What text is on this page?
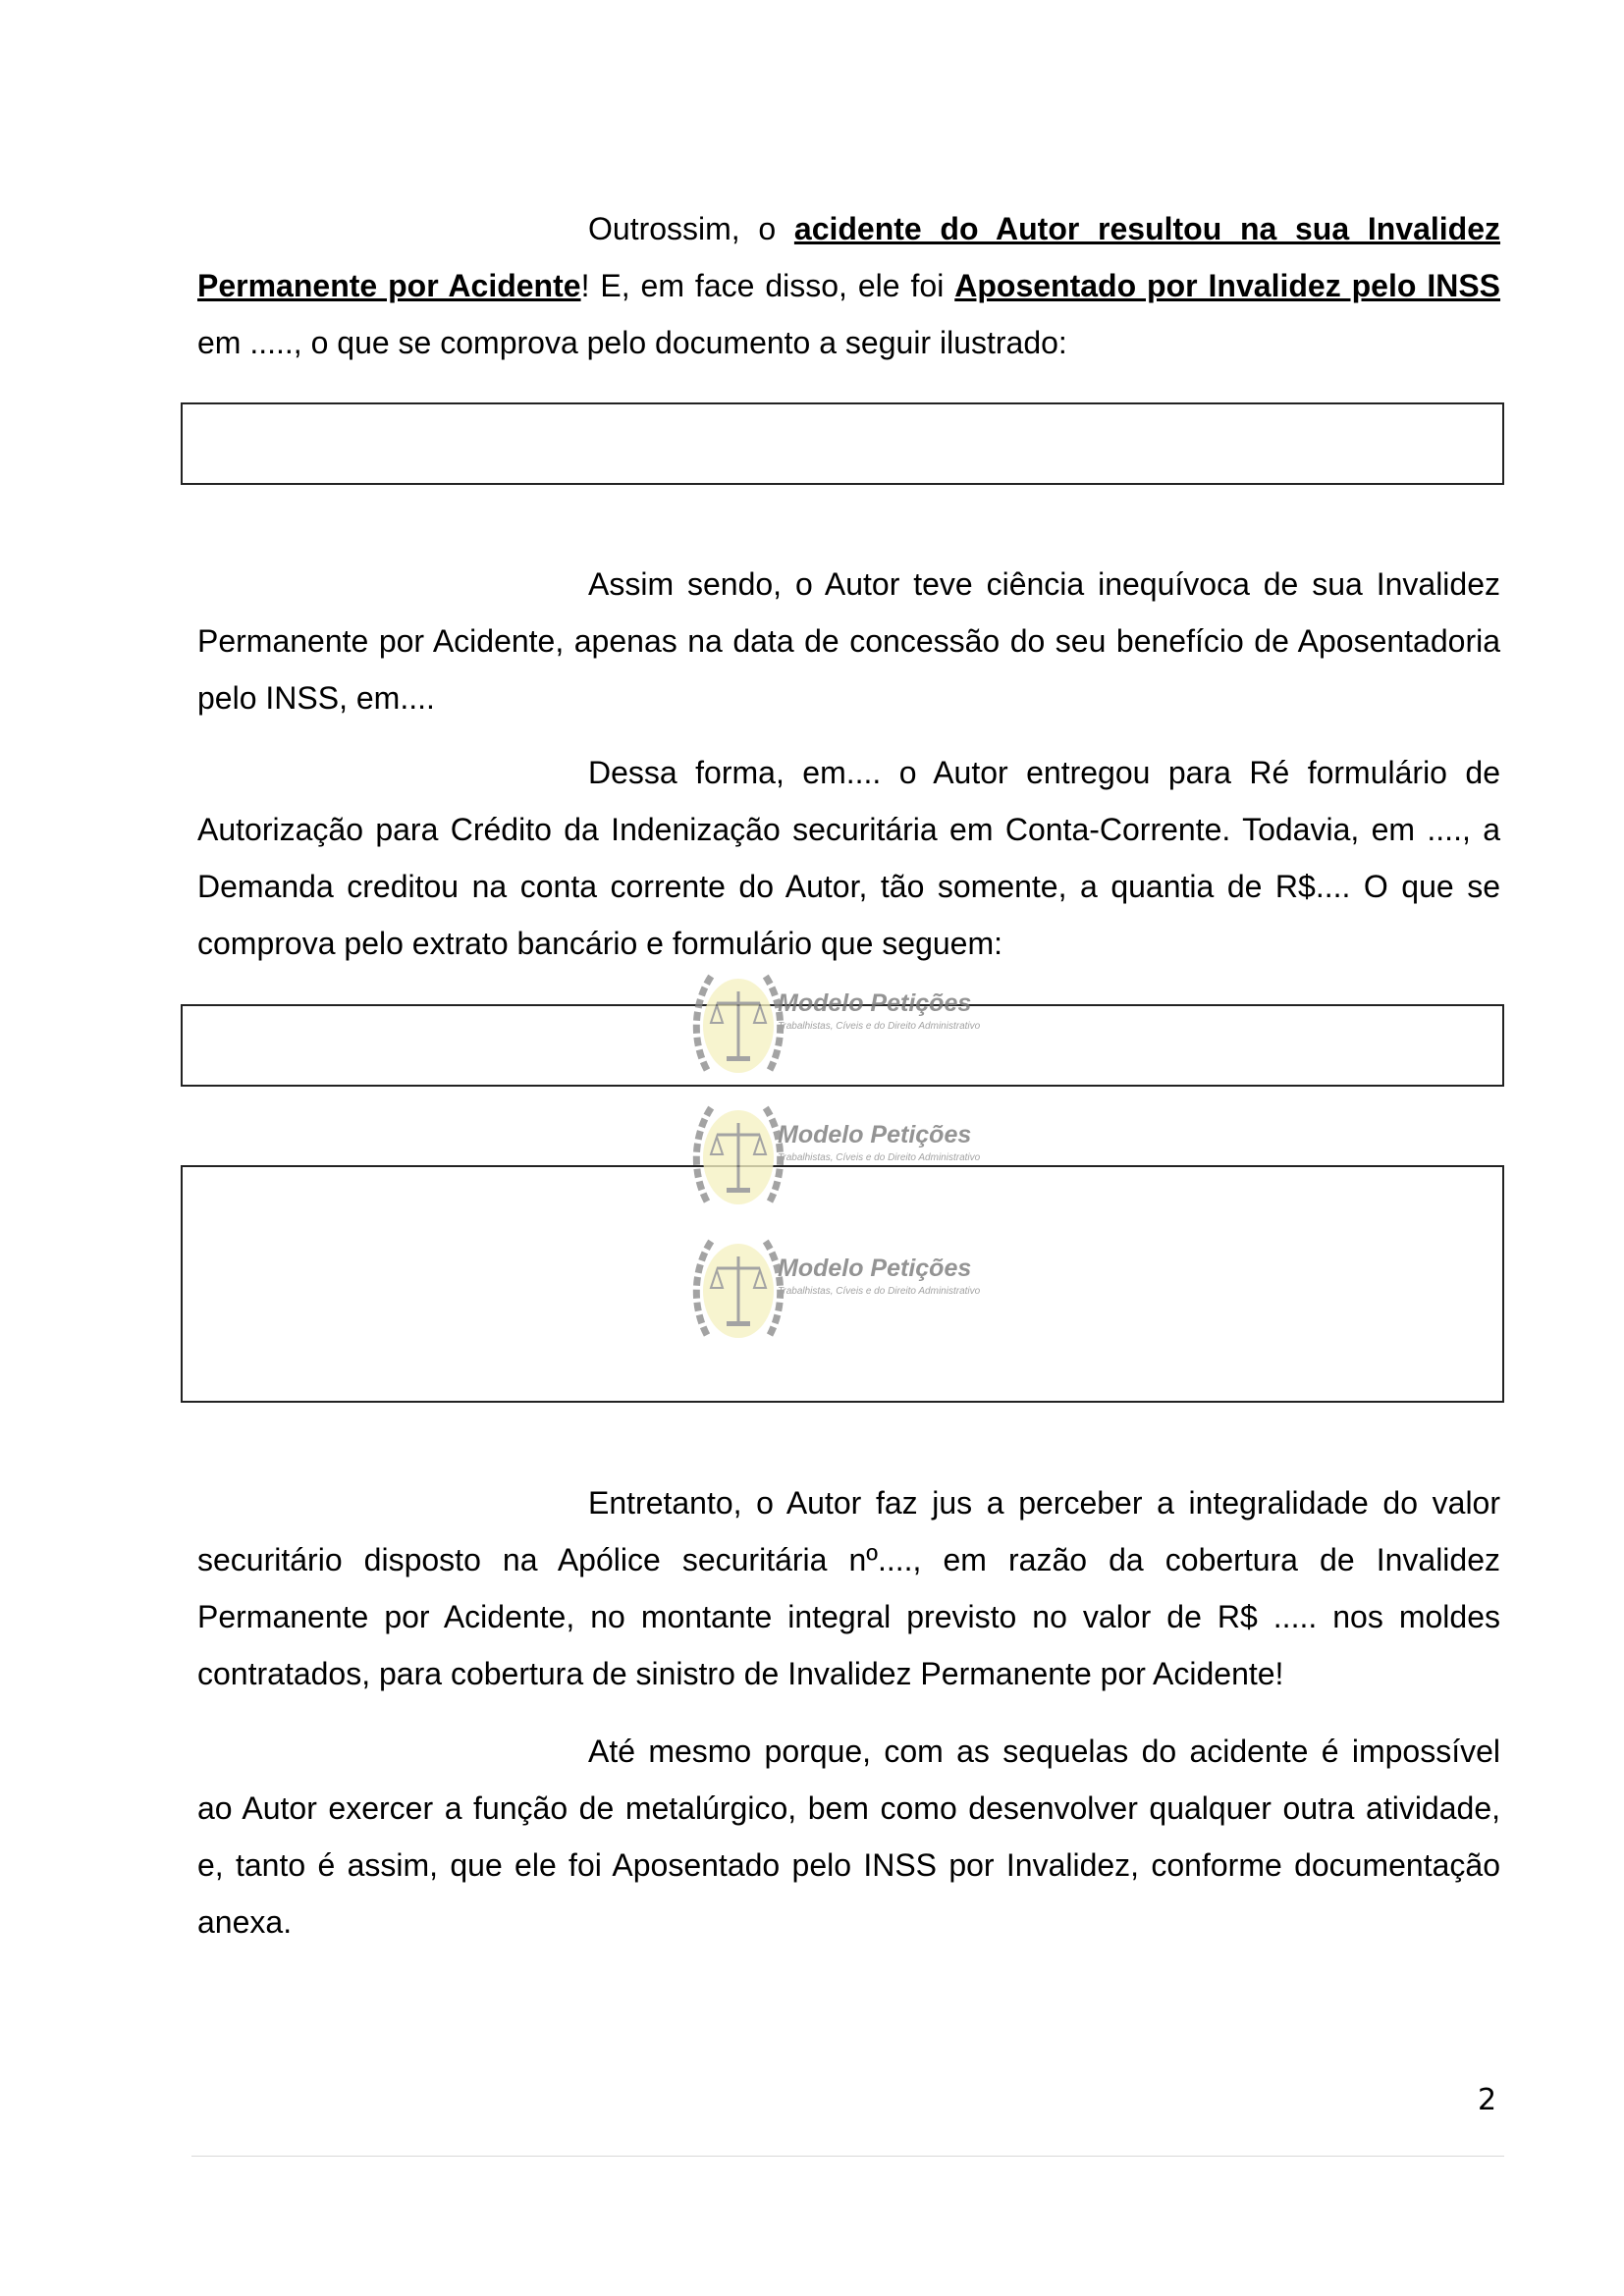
Outrossim, o acidente do Autor resultou na sua Invalidez Permanente por Acidente! E, em face disso, ele foi Aposentado por Invalidez pelo INSS em ....., o que se comprova pelo documento a seguir ilustrado:

Assim sendo, o Autor teve ciência inequívoca de sua Invalidez Permanente por Acidente, apenas na data de concessão do seu benefício de Aposentadoria pelo INSS, em....

Dessa forma, em.... o Autor entregou para Ré formulário de Autorização para Crédito da Indenização securitária em Conta-Corrente. Todavia, em ...., a Demanda creditou na conta corrente do Autor, tão somente, a quantia de R$.... O que se comprova pelo extrato bancário e formulário que seguem:

Modelo Petições
Trabalhistas, Cíveis e do Direito Administrativo
Modelo Petições
Trabalhistas, Cíveis e do Direito Administrativo
Modelo Petições
Trabalhistas, Cíveis e do Direito Administrativo

Entretanto, o Autor faz jus a perceber a integralidade do valor securitário disposto na Apólice securitária nº...., em razão da cobertura de Invalidez Permanente por Acidente, no montante integral previsto no valor de R$ ..... nos moldes contratados, para cobertura de sinistro de Invalidez Permanente por Acidente!

Até mesmo porque, com as sequelas do acidente é impossível ao Autor exercer a função de metalúrgico, bem como desenvolver qualquer outra atividade, e, tanto é assim, que ele foi Aposentado pelo INSS por Invalidez, conforme documentação anexa.

2
